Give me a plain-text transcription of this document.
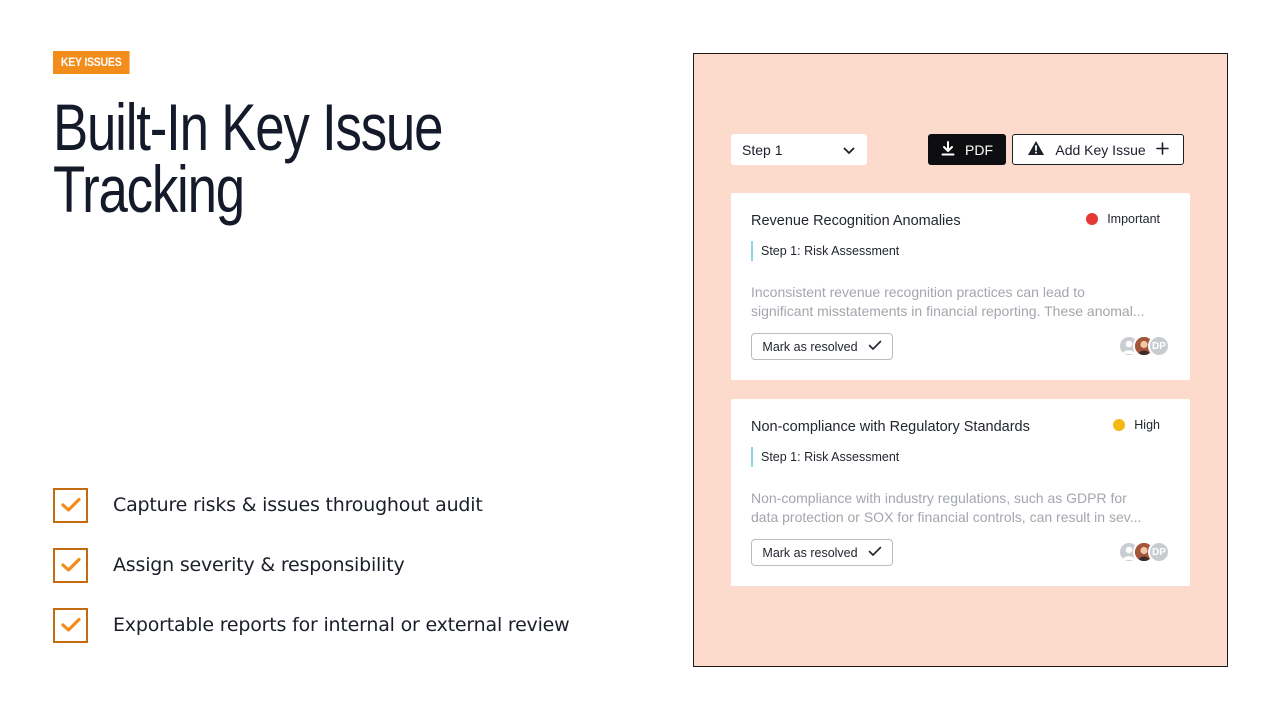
KEY ISSUES
Built-In Key Issue
Tracking
Capture risks & issues throughout audit
Assign severity & responsibility
Exportable reports for internal or external review
Step 1	PDF	Add Key Issue
Revenue Recognition Anomalies	Important
Step 1: Risk Assessment
Inconsistent revenue recognition practices can lead to
significant misstatements in financial reporting. These anomal...
Mark as resolved	DP
Non-compliance with Regulatory Standards	High
Step 1: Risk Assessment
Non-compliance with industry regulations, such as GDPR for
data protection or SOX for financial controls, can result in sev...
Mark as resolved	DP
